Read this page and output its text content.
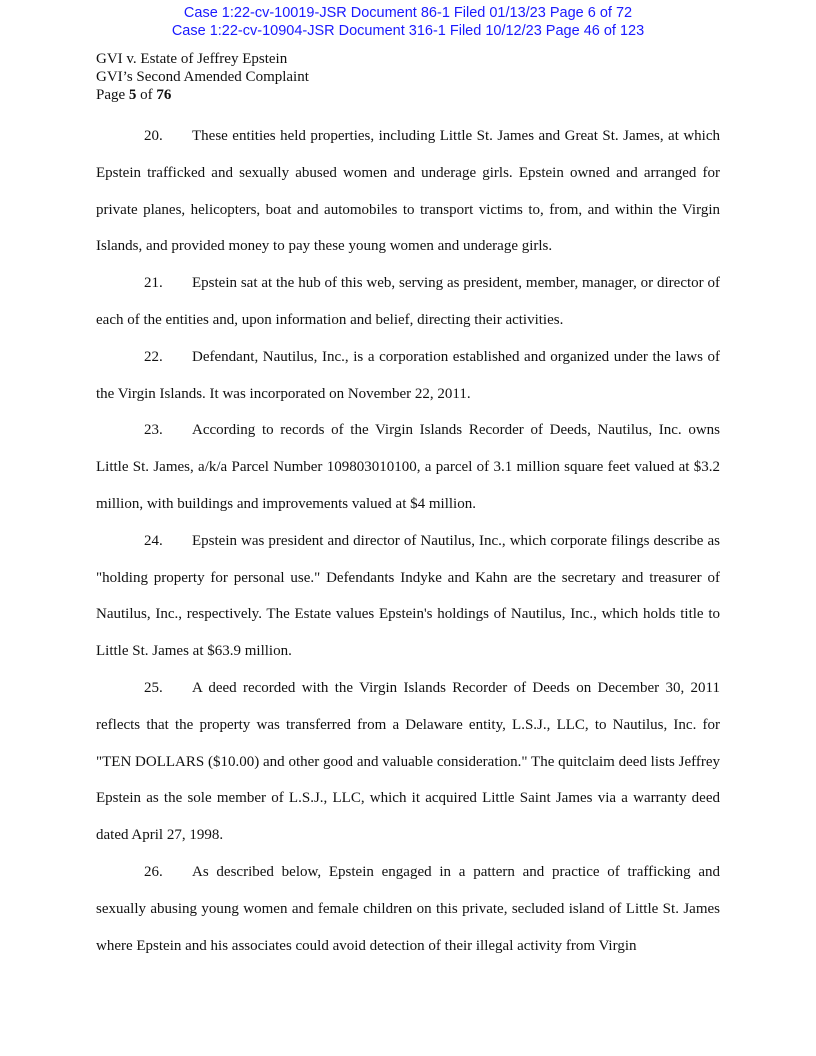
Case 1:22-cv-10019-JSR Document 86-1 Filed 01/13/23 Page 6 of 72
Case 1:22-cv-10904-JSR Document 316-1 Filed 10/12/23 Page 46 of 123
GVI v. Estate of Jeffrey Epstein
GVI’s Second Amended Complaint
Page 5 of 76

20. These entities held properties, including Little St. James and Great St. James, at which Epstein trafficked and sexually abused women and underage girls. Epstein owned and arranged for private planes, helicopters, boat and automobiles to transport victims to, from, and within the Virgin Islands, and provided money to pay these young women and underage girls.

21. Epstein sat at the hub of this web, serving as president, member, manager, or director of each of the entities and, upon information and belief, directing their activities.

22. Defendant, Nautilus, Inc., is a corporation established and organized under the laws of the Virgin Islands. It was incorporated on November 22, 2011.

23. According to records of the Virgin Islands Recorder of Deeds, Nautilus, Inc. owns Little St. James, a/k/a Parcel Number 109803010100, a parcel of 3.1 million square feet valued at $3.2 million, with buildings and improvements valued at $4 million.

24. Epstein was president and director of Nautilus, Inc., which corporate filings describe as "holding property for personal use." Defendants Indyke and Kahn are the secretary and treasurer of Nautilus, Inc., respectively. The Estate values Epstein's holdings of Nautilus, Inc., which holds title to Little St. James at $63.9 million.

25. A deed recorded with the Virgin Islands Recorder of Deeds on December 30, 2011 reflects that the property was transferred from a Delaware entity, L.S.J., LLC, to Nautilus, Inc. for "TEN DOLLARS ($10.00) and other good and valuable consideration." The quitclaim deed lists Jeffrey Epstein as the sole member of L.S.J., LLC, which it acquired Little Saint James via a warranty deed dated April 27, 1998.

26. As described below, Epstein engaged in a pattern and practice of trafficking and sexually abusing young women and female children on this private, secluded island of Little St. James where Epstein and his associates could avoid detection of their illegal activity from Virgin
